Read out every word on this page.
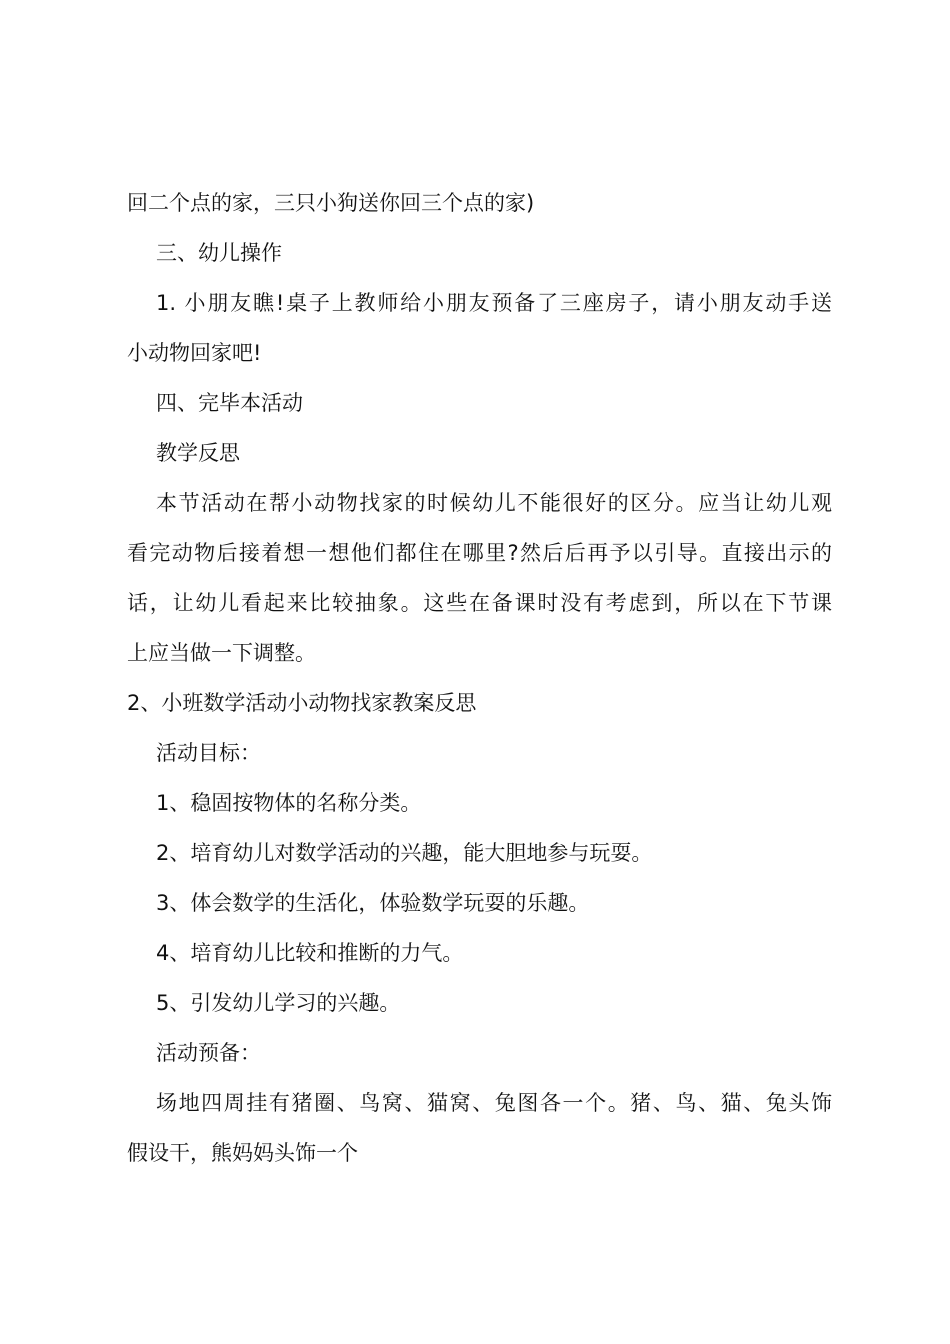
回二个点的家，三只小狗送你回三个点的家)
三、幼儿操作
1. 小朋友瞧!桌子上教师给小朋友预备了三座房子，请小朋友动手送
小动物回家吧!
四、完毕本活动
教学反思
本节活动在帮小动物找家的时候幼儿不能很好的区分。应当让幼儿观
看完动物后接着想一想他们都住在哪里?然后后再予以引导。直接出示的
话，让幼儿看起来比较抽象。这些在备课时没有考虑到，所以在下节课
上应当做一下调整。
2、小班数学活动小动物找家教案反思
活动目标：
1、稳固按物体的名称分类。
2、培育幼儿对数学活动的兴趣，能大胆地参与玩耍。
3、体会数学的生活化，体验数学玩耍的乐趣。
4、培育幼儿比较和推断的力气。
5、引发幼儿学习的兴趣。
活动预备：
场地四周挂有猪圈、鸟窝、猫窝、兔图各一个。猪、鸟、猫、兔头饰
假设干，熊妈妈头饰一个
